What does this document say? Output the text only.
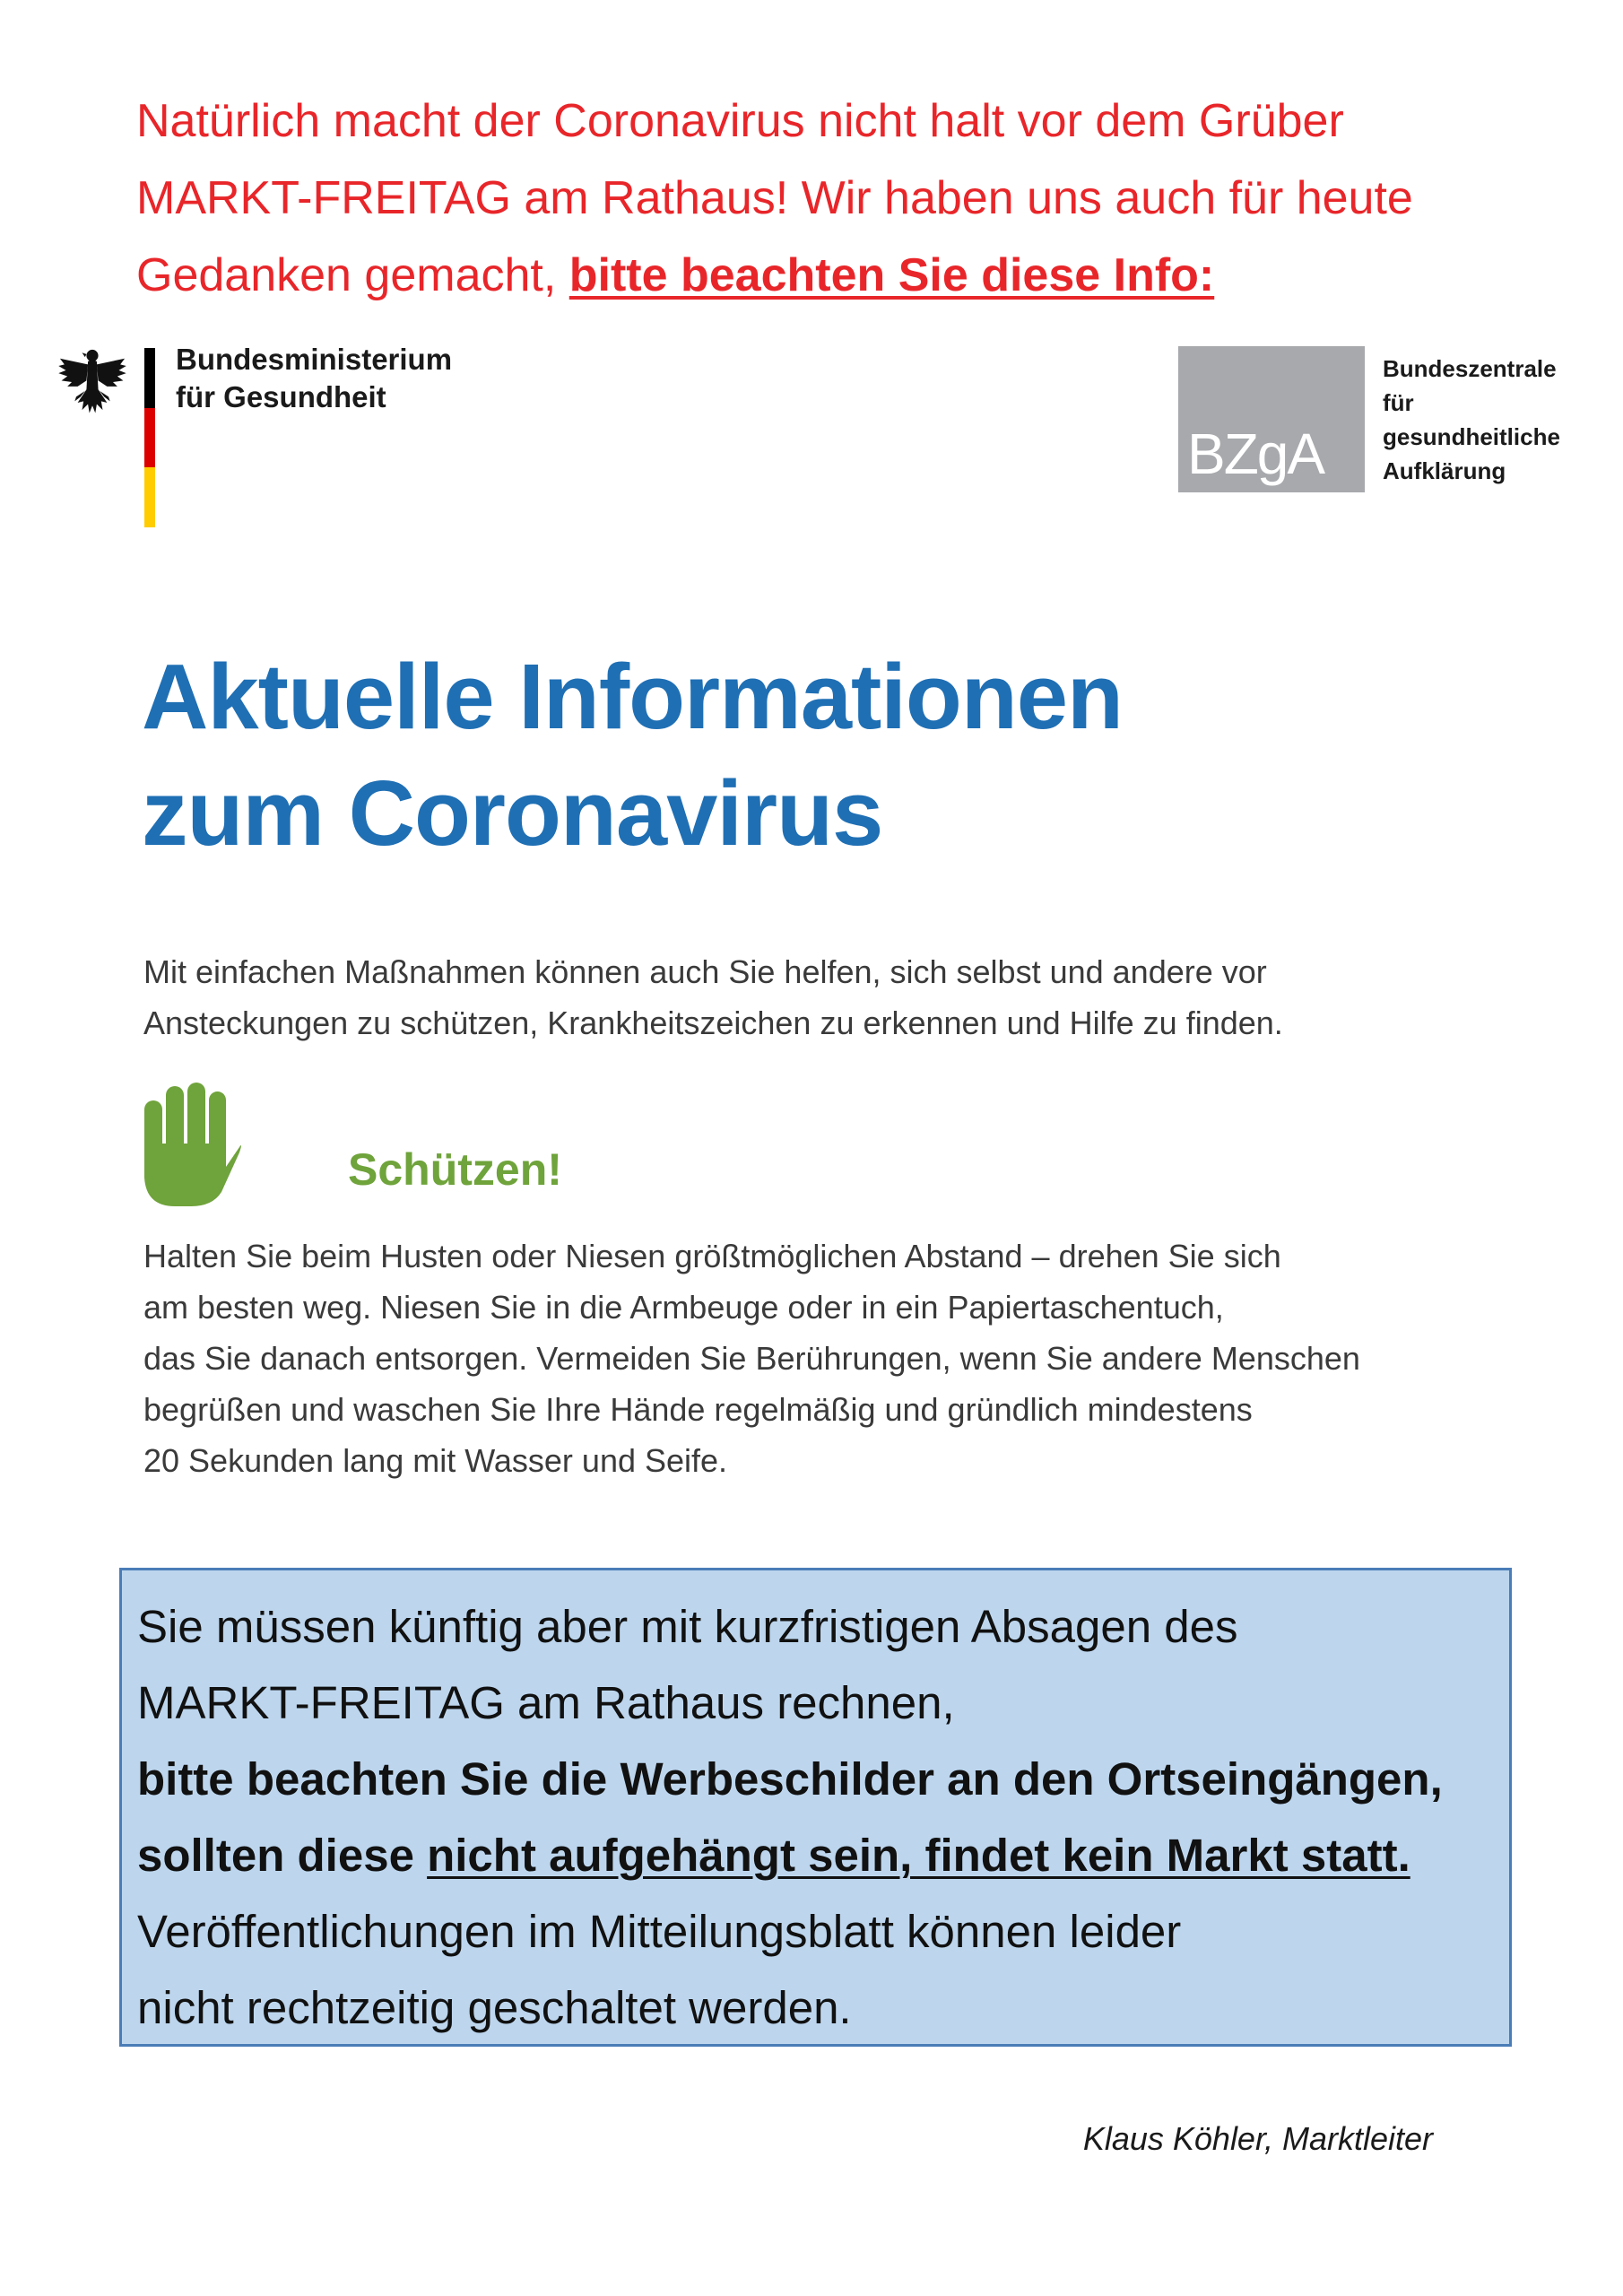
Natürlich macht der Coronavirus nicht halt vor dem Grüber
MARKT-FREITAG am Rathaus! Wir haben uns auch für heute
Gedanken gemacht, bitte beachten Sie diese Info:
Bundesministerium
für Gesundheit
BZgA
Bundeszentrale
für
gesundheitliche
Aufklärung
Aktuelle Informationen
zum Coronavirus
Mit einfachen Maßnahmen können auch Sie helfen, sich selbst und andere vor
Ansteckungen zu schützen, Krankheitszeichen zu erkennen und Hilfe zu finden.
Schützen!
Halten Sie beim Husten oder Niesen größtmöglichen Abstand – drehen Sie sich
am besten weg. Niesen Sie in die Armbeuge oder in ein Papiertaschentuch,
das Sie danach entsorgen. Vermeiden Sie Berührungen, wenn Sie andere Menschen
begrüßen und waschen Sie Ihre Hände regelmäßig und gründlich mindestens
20 Sekunden lang mit Wasser und Seife.
Sie müssen künftig aber mit kurzfristigen Absagen des
MARKT-FREITAG am Rathaus rechnen,
bitte beachten Sie die Werbeschilder an den Ortseingängen,
sollten diese nicht aufgehängt sein, findet kein Markt statt.
Veröffentlichungen im Mitteilungsblatt können leider
nicht rechtzeitig geschaltet werden.
Klaus Köhler, Marktleiter
